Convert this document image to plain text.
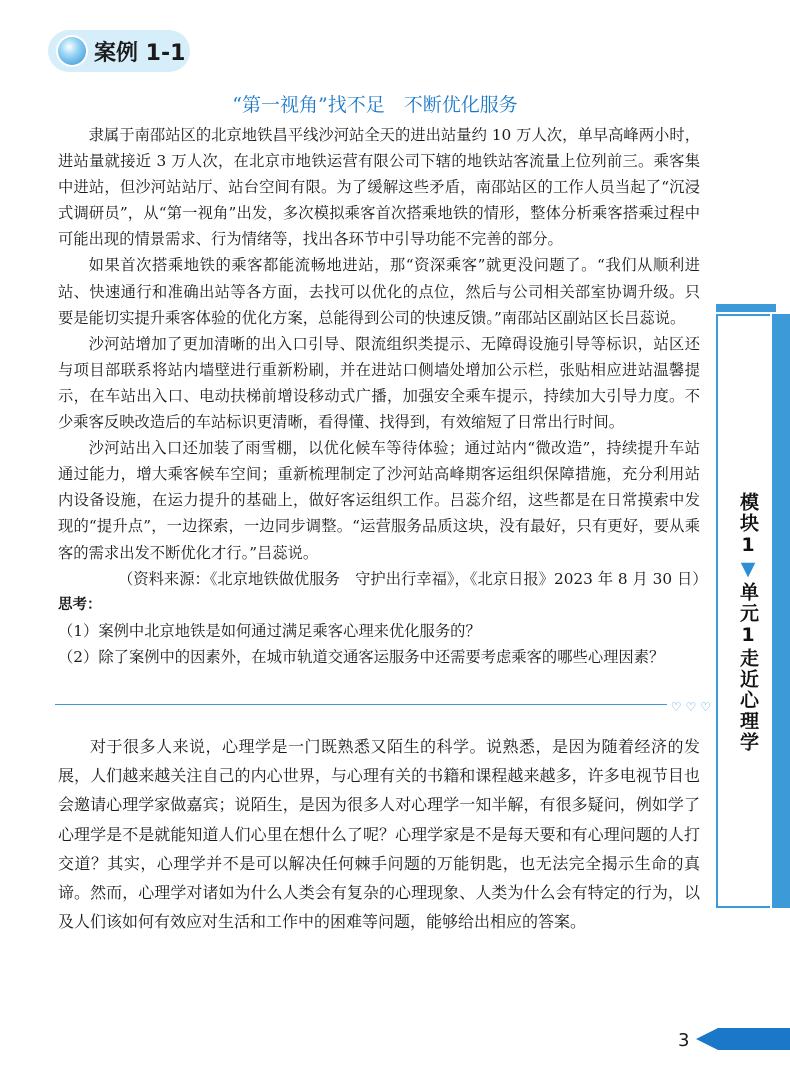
案例 1-1
♡ ♡ ♡
“第一视角”找不足　不断优化服务

隶属于南邵站区的北京地铁昌平线沙河站全天的进出站量约 10 万人次，单早高峰两小时，进站量就接近 3 万人次，在北京市地铁运营有限公司下辖的地铁站客流量上位列前三。乘客集中进站，但沙河站站厅、站台空间有限。为了缓解这些矛盾，南邵站区的工作人员当起了“沉浸式调研员”，从“第一视角”出发，多次模拟乘客首次搭乘地铁的情形，整体分析乘客搭乘过程中可能出现的情景需求、行为情绪等，找出各环节中引导功能不完善的部分。

如果首次搭乘地铁的乘客都能流畅地进站，那“资深乘客”就更没问题了。“我们从顺利进站、快速通行和准确出站等各方面，去找可以优化的点位，然后与公司相关部室协调升级。只要是能切实提升乘客体验的优化方案，总能得到公司的快速反馈。”南邵站区副站区长吕蕊说。

沙河站增加了更加清晰的出入口引导、限流组织类提示、无障碍设施引导等标识，站区还与项目部联系将站内墙壁进行重新粉刷，并在进站口侧墙处增加公示栏，张贴相应进站温馨提示，在车站出入口、电动扶梯前增设移动式广播，加强安全乘车提示，持续加大引导力度。不少乘客反映改造后的车站标识更清晰，看得懂、找得到，有效缩短了日常出行时间。

沙河站出入口还加装了雨雪棚，以优化候车等待体验；通过站内“微改造”，持续提升车站通过能力，增大乘客候车空间；重新梳理制定了沙河站高峰期客运组织保障措施，充分利用站内设备设施，在运力提升的基础上，做好客运组织工作。吕蕊介绍，这些都是在日常摸索中发现的“提升点”，一边探索，一边同步调整。“运营服务品质这块，没有最好，只有更好，要从乘客的需求出发不断优化才行。”吕蕊说。

（资料来源：《北京地铁做优服务　守护出行幸福》，《北京日报》2023 年 8 月 30 日）

思考：

（1）案例中北京地铁是如何通过满足乘客心理来优化服务的？

（2）除了案例中的因素外，在城市轨道交通客运服务中还需要考虑乘客的哪些心理因素？

对于很多人来说，心理学是一门既熟悉又陌生的科学。说熟悉，是因为随着经济的发展，人们越来越关注自己的内心世界，与心理有关的书籍和课程越来越多，许多电视节目也会邀请心理学家做嘉宾；说陌生，是因为很多人对心理学一知半解，有很多疑问，例如学了心理学是不是就能知道人们心里在想什么了呢？心理学家是不是每天要和有心理问题的人打交道？其实，心理学并不是可以解决任何棘手问题的万能钥匙，也无法完全揭示生命的真谛。然而，心理学对诸如为什么人类会有复杂的心理现象、人类为什么会有特定的行为，以及人们该如何有效应对生活和工作中的困难等问题，能够给出相应的答案。

模块1▼单元1走近心理学
3
